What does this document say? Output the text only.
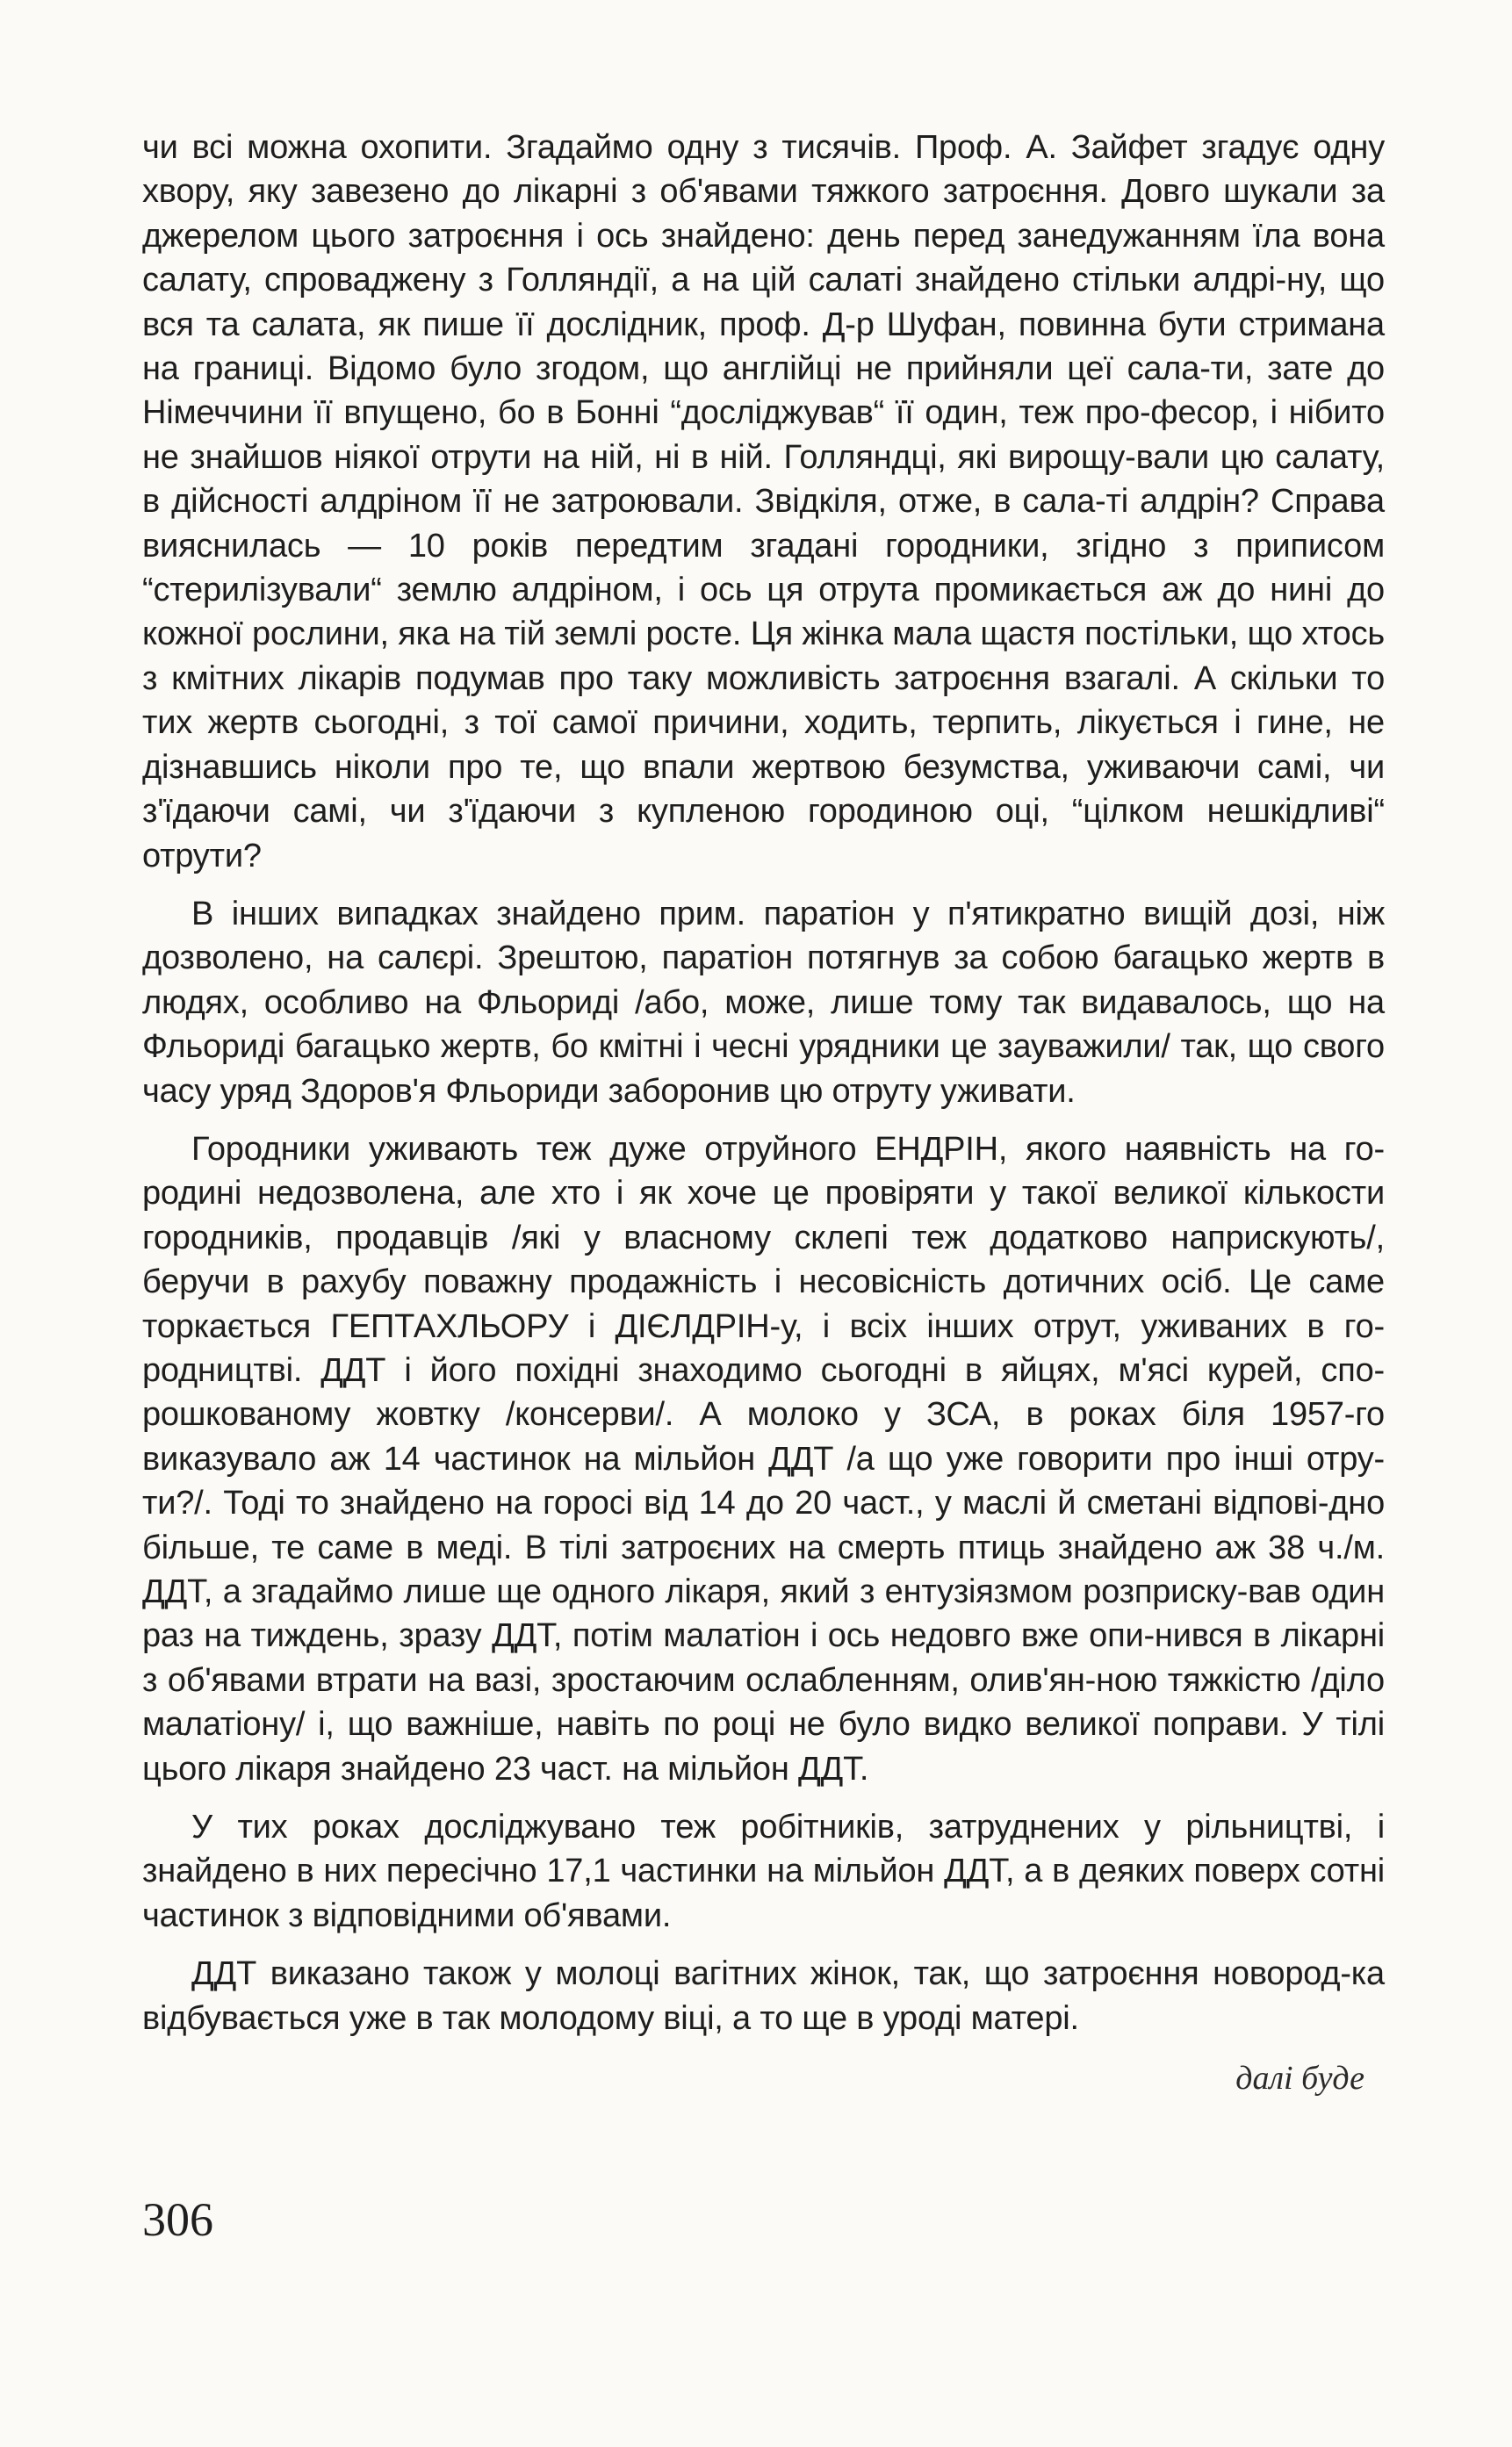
чи всі можна охопити. Згадаймо одну з тисячів. Проф. А. Зайфет згадує одну хвору, яку завезено до лікарні з об'явами тяжкого затроєння. Довго шукали за джерелом цього затроєння і ось знайдено: день перед занедужанням їла вона салату, спроваджену з Голляндії, а на цій салаті знайдено стільки алдрі-ну, що вся та салата, як пише її дослідник, проф. Д-р Шуфан, повинна бути стримана на границі. Відомо було згодом, що англійці не прийняли цеї сала-ти, зате до Німеччини її впущено, бо в Бонні “досліджував“ її один, теж про-фесор, і нібито не знайшов ніякої отрути на ній, ні в ній. Голляндці, які вирощу-вали цю салату, в дійсності алдріном її не затроювали. Звідкіля, отже, в сала-ті алдрін? Справа вияснилась — 10 років передтим згадані городники, згідно з приписом “стерилізували“ землю алдріном, і ось ця отрута промикається аж до нині до кожної рослини, яка на тій землі росте. Ця жінка мала щастя постільки, що хтось з кмітних лікарів подумав про таку можливість затроєння взагалі. А скільки то тих жертв сьогодні, з тої самої причини, ходить, терпить, лікується і гине, не дізнавшись ніколи про те, що впали жертвою безумства, уживаючи самі, чи з'їдаючи самі, чи з'їдаючи з купленою городиною оці, “цілком нешкідливі“ отрути?

В інших випадках знайдено прим. паратіон у п'ятикратно вищій дозі, ніж дозволено, на салєрі. Зрештою, паратіон потягнув за собою багацько жертв в людях, особливо на Фльориді /або, може, лише тому так видавалось, що на Фльориді багацько жертв, бо кмітні і чесні урядники це зауважили/ так, що свого часу уряд Здоров'я Фльориди заборонив цю отруту уживати.

Городники уживають теж дуже отруйного ЕНДРІН, якого наявність на го-родині недозволена, але хто і як хоче це провіряти у такої великої кількости городників, продавців /які у власному склепі теж додатково наприскують/, беручи в рахубу поважну продажність і несовісність дотичних осіб. Це саме торкається ГЕПТАХЛЬОРУ і ДІЄЛДРІН-у, і всіх інших отрут, уживаних в го-родництві. ДДТ і його похідні знаходимо сьогодні в яйцях, м'ясі курей, спо-рошкованому жовтку /консерви/. А молоко у ЗСА, в роках біля 1957-го виказувало аж 14 частинок на мільйон ДДТ /а що уже говорити про інші отру-ти?/. Тоді то знайдено на горосі від 14 до 20 част., у маслі й сметані відпові-дно більше, те саме в меді. В тілі затроєних на смерть птиць знайдено аж 38 ч./м. ДДТ, а згадаймо лише ще одного лікаря, який з ентузіязмом розприску-вав один раз на тиждень, зразу ДДТ, потім малатіон і ось недовго вже опи-нився в лікарні з об'явами втрати на вазі, зростаючим ослабленням, олив'ян-ною тяжкістю /діло малатіону/ і, що важніше, навіть по році не було видко великої поправи. У тілі цього лікаря знайдено 23 част. на мільйон ДДТ.

У тих роках досліджувано теж робітників, затруднених у рільництві, і знайдено в них пересічно 17,1 частинки на мільйон ДДТ, а в деяких поверх сотні частинок з відповідними об'явами.

ДДТ виказано також у молоці вагітних жінок, так, що затроєння новород-ка відбувається уже в так молодому віці, а то ще в уроді матері.

далі буде
306
